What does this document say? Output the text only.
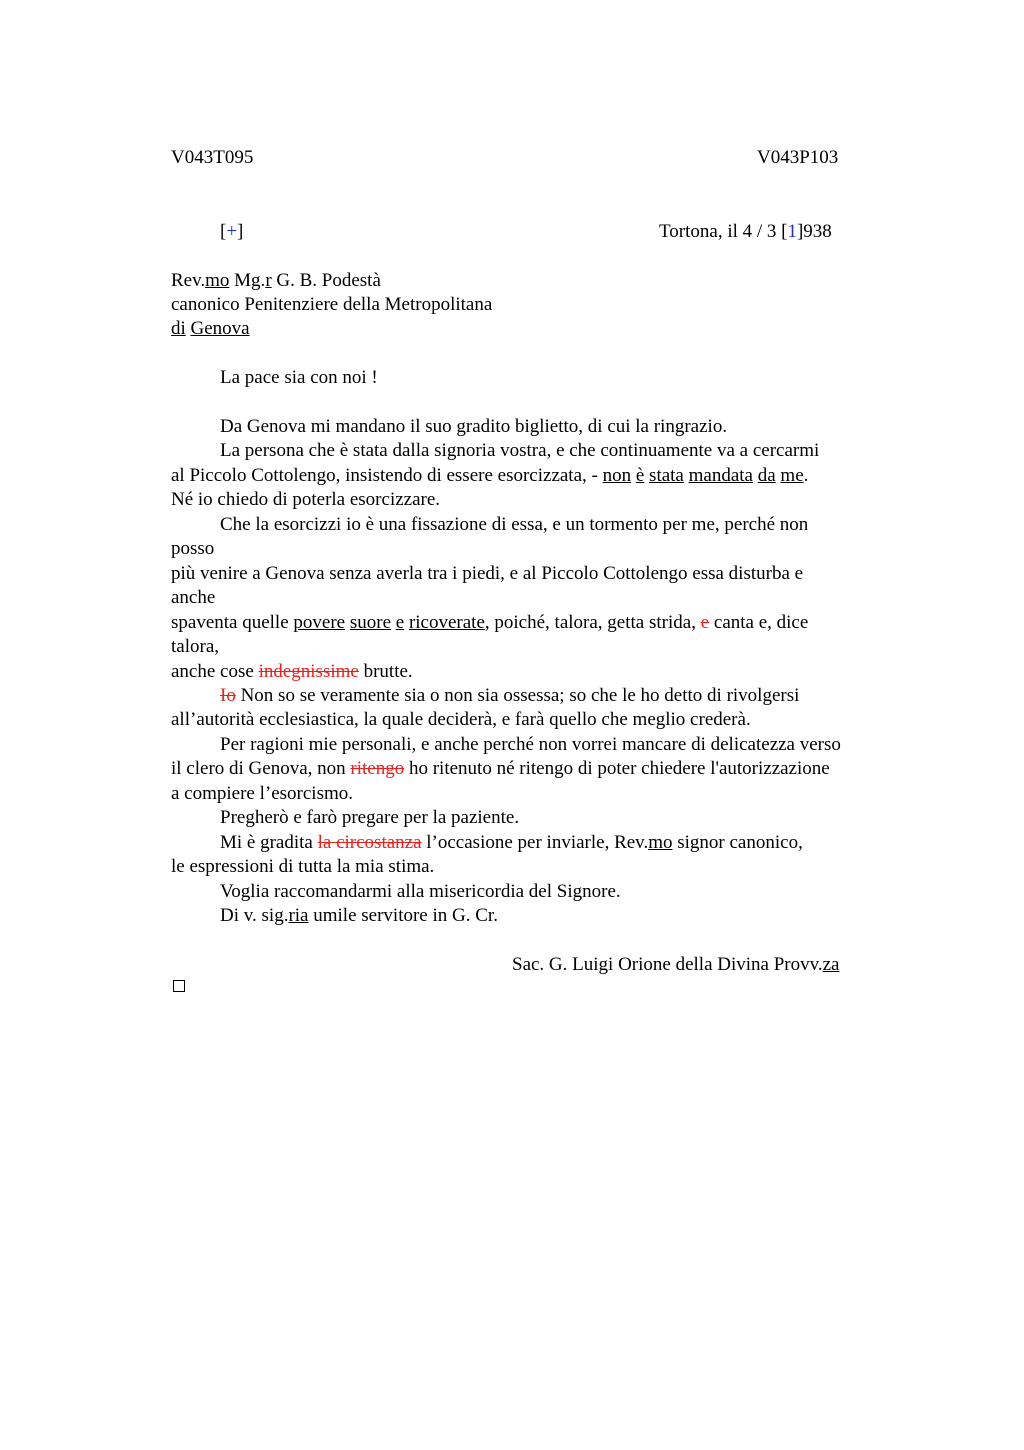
V043T095	V043P103
[+]	Tortona, il 4 / 3 [1]938
Rev.mo Mg.r G. B. Podestà
canonico Penitenziere della Metropolitana
di Genova
La pace sia con noi !
Da Genova mi mandano il suo gradito biglietto, di cui la ringrazio.
La persona che è stata dalla signoria vostra, e che continuamente va a cercarmi
al Piccolo Cottolengo, insistendo di essere esorcizzata, - non è stata mandata da me.
Né io chiedo di poterla esorcizzare.
Che la esorcizzi io è una fissazione di essa, e un tormento per me, perché non
posso
più venire a Genova senza averla tra i piedi, e al Piccolo Cottolengo essa disturba e
anche
spaventa quelle povere suore e ricoverate, poiché, talora, getta strida, e canta e, dice
talora,
anche cose indegnissime brutte.
Io Non so se veramente sia o non sia ossessa; so che le ho detto di rivolgersi
all’autorità ecclesiastica, la quale deciderà, e farà quello che meglio crederà.
Per ragioni mie personali, e anche perché non vorrei mancare di delicatezza verso
il clero di Genova, non ritengo ho ritenuto né ritengo di poter chiedere l'autorizzazione
a compiere l’esorcismo.
Pregherò e farò pregare per la paziente.
Mi è gradita la circostanza l’occasione per inviarle, Rev.mo signor canonico,
le espressioni di tutta la mia stima.
Voglia raccomandarmi alla misericordia del Signore.
Di v. sig.ria umile servitore in G. Cr.
Sac. G. Luigi Orione della Divina Provv.za
